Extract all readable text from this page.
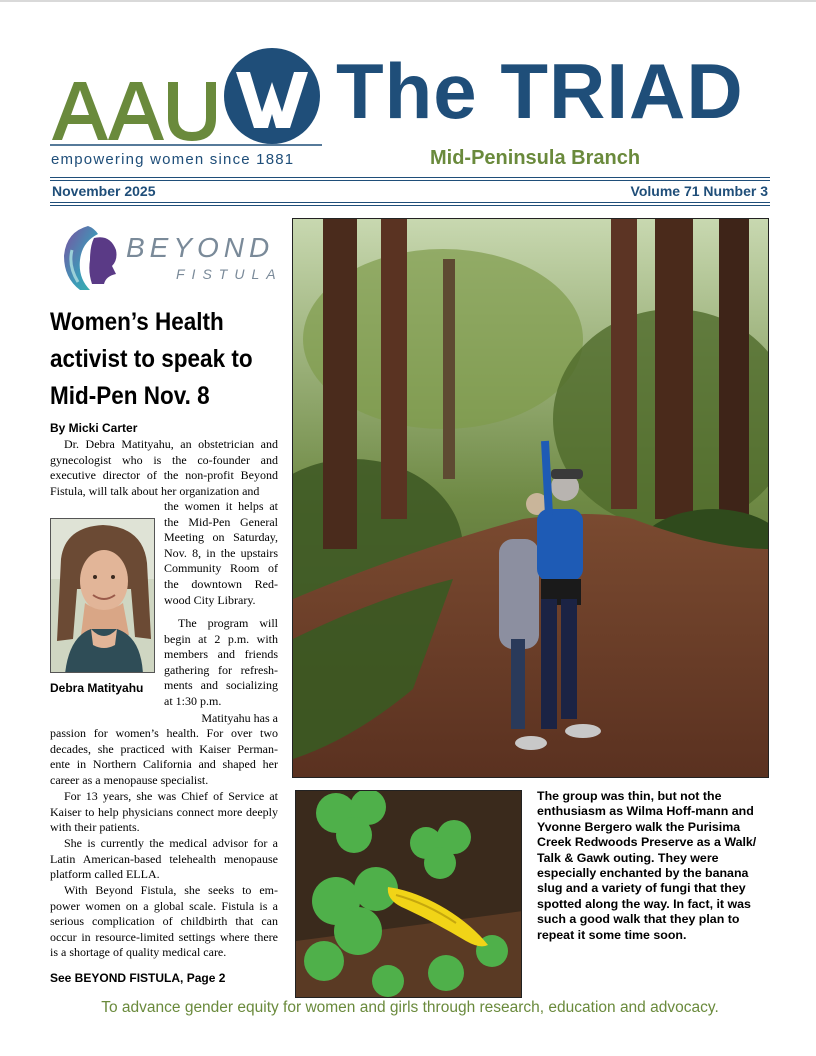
empowering women since 1881
The TRIAD
Mid-Peninsula Branch
November 2025	Volume 71 Number 3
BEYOND
FISTULA
Women’s Health activist to speak to Mid-Pen Nov. 8
By Micki Carter

Dr. Debra Matityahu, an obstetrician and gynecologist who is the co-founder and executive director of the non-profit Beyond Fistula, will talk about her organization and

Debra Matityahu

the women it helps at the Mid-Pen General Meeting on Saturday, Nov. 8, in the upstairs Community Room of the downtown Red-wood City Library.

The program will begin at 2 p.m. with members and friends gathering for refresh-ments and socializing at 1:30 p.m.

Matityahu has a

passion for women’s health. For over two decades, she practiced with Kaiser Perman-ente in Northern California and shaped her career as a menopause specialist.

For 13 years, she was Chief of Service at Kaiser to help physicians connect more deeply with their patients.

She is currently the medical advisor for a Latin American-based telehealth menopause platform called ELLA.

With Beyond Fistula, she seeks to em-power women on a global scale. Fistula is a serious complication of childbirth that can occur in resource-limited settings where there is a shortage of quality medical care.

See BEYOND FISTULA, Page 2
The group was thin, but not the enthusiasm as Wilma Hoff-mann and Yvonne Bergero walk the Purisima Creek Redwoods Preserve as a Walk/ Talk & Gawk outing. They were especially enchanted by the banana slug and a variety of fungi that they spotted along the way. In fact, it was such a good walk that they plan to repeat it some time soon.
To advance gender equity for women and girls through research, education and advocacy.
